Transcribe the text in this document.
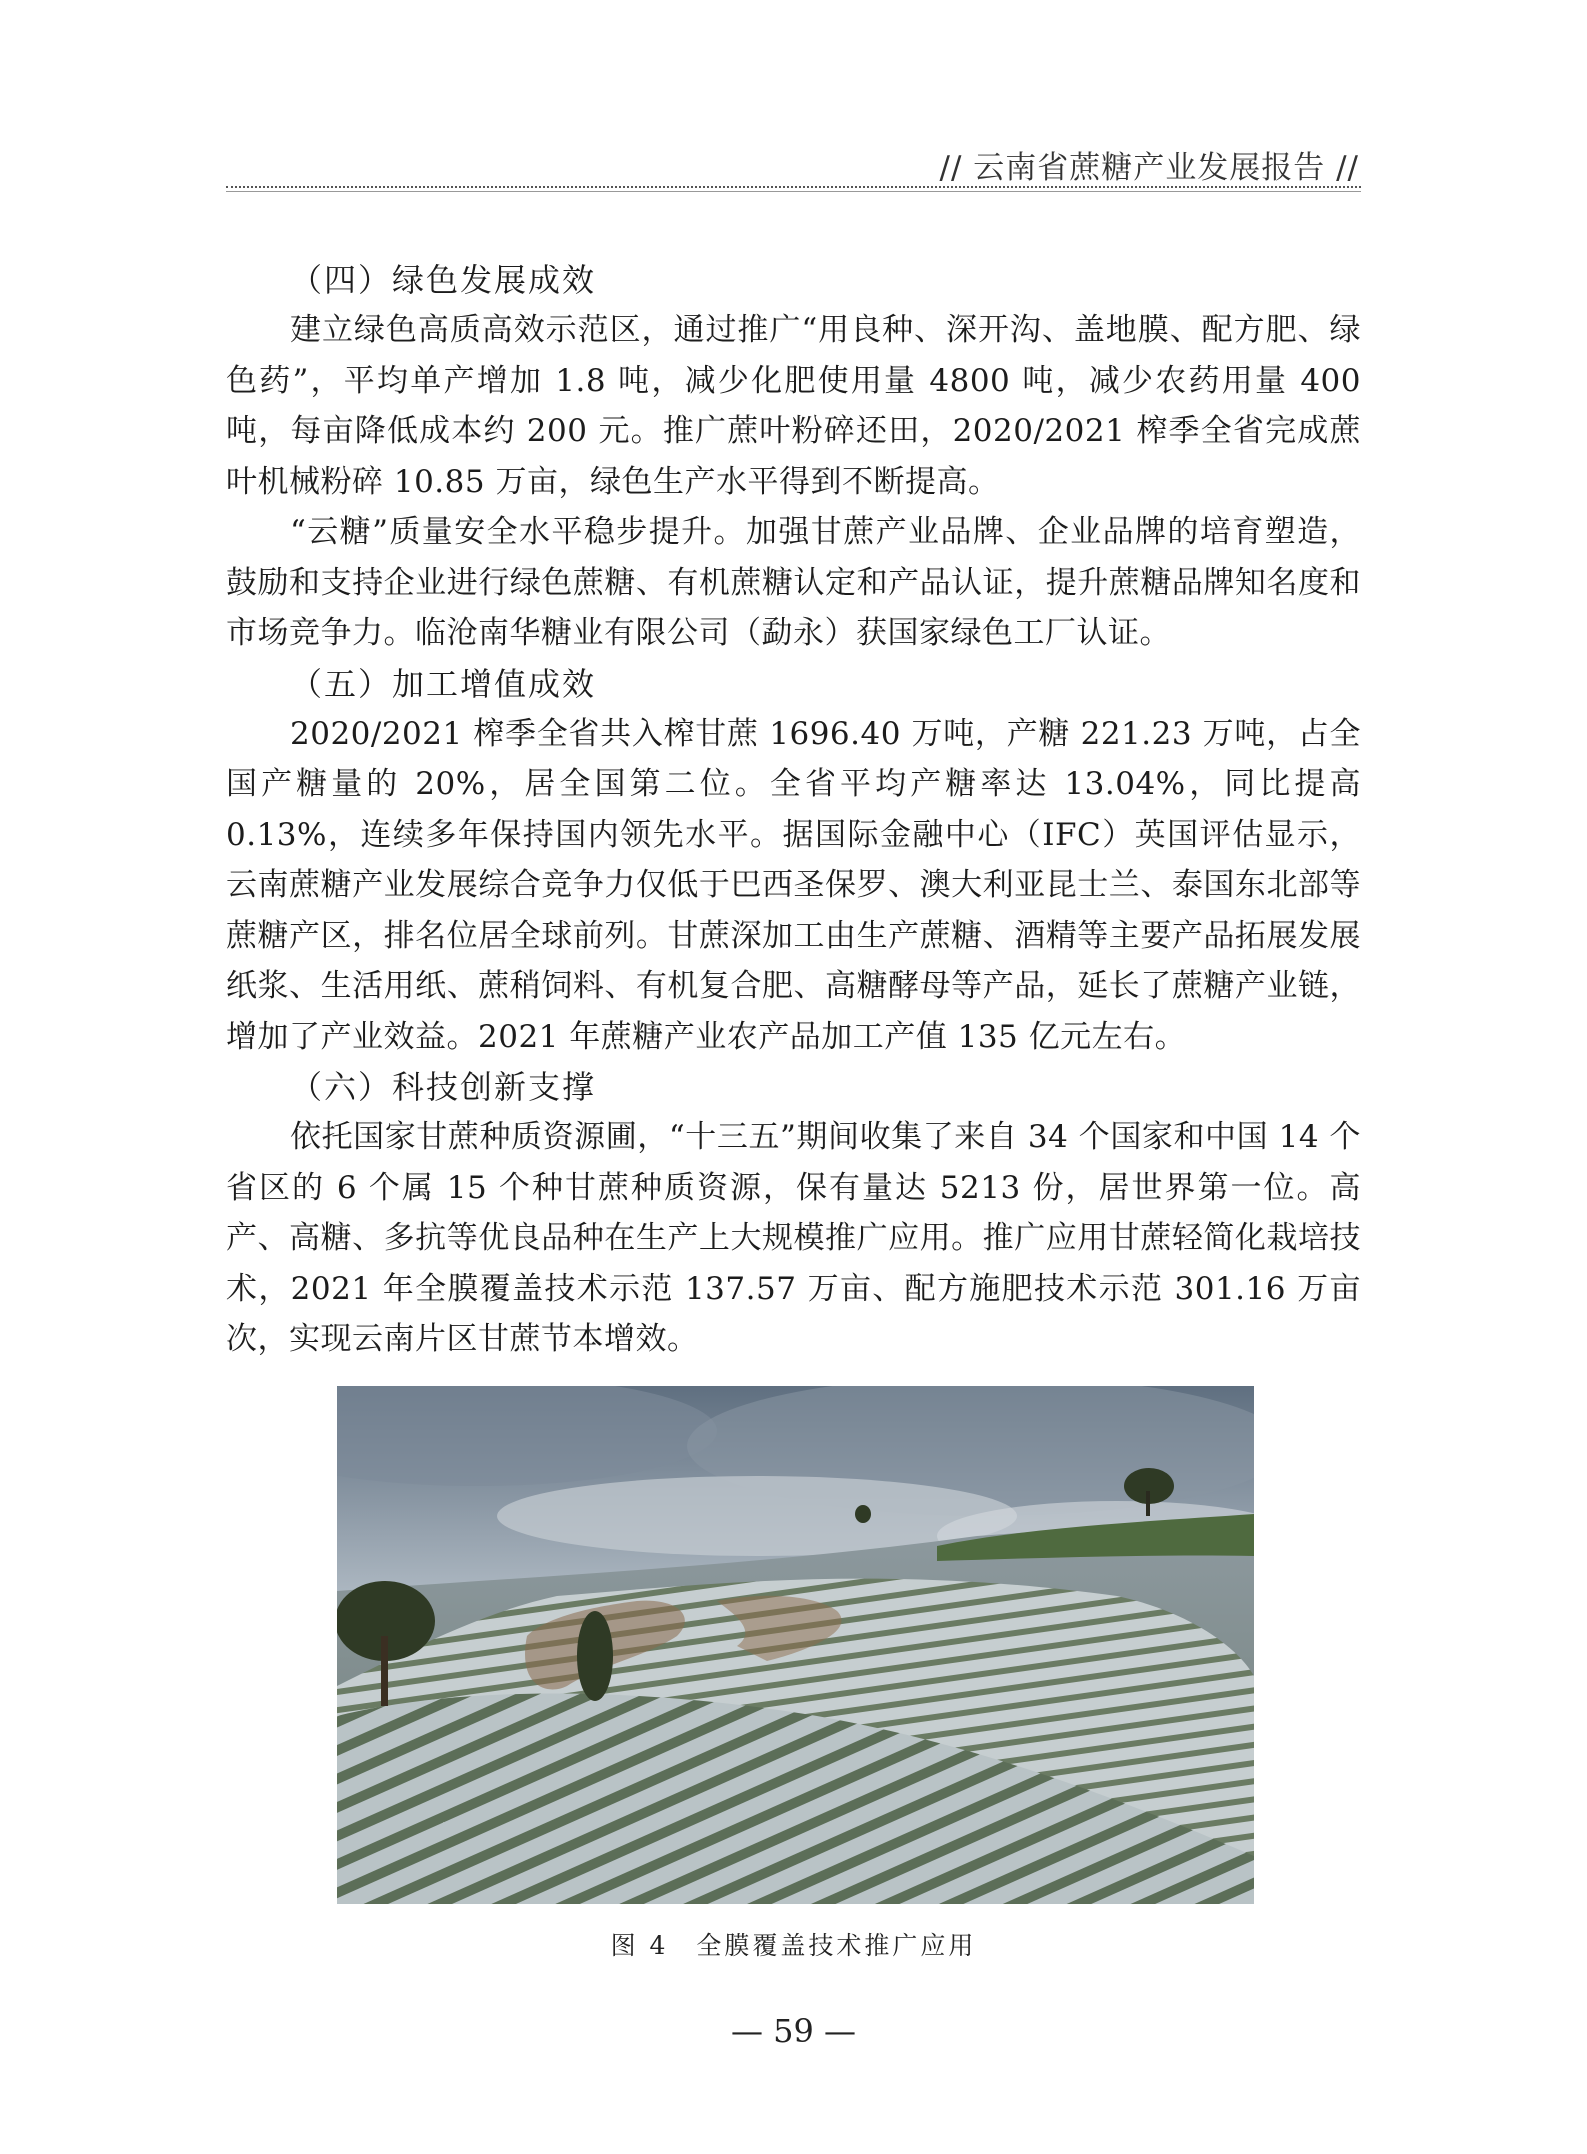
// 云南省蔗糖产业发展报告 //
（四）绿色发展成效

建立绿色高质高效示范区，通过推广“用良种、深开沟、盖地膜、配方肥、绿色药”，平均单产增加 1.8 吨，减少化肥使用量 4800 吨，减少农药用量 400 吨，每亩降低成本约 200 元。推广蔗叶粉碎还田，2020/2021 榨季全省完成蔗叶机械粉碎 10.85 万亩，绿色生产水平得到不断提高。

“云糖”质量安全水平稳步提升。加强甘蔗产业品牌、企业品牌的培育塑造，鼓励和支持企业进行绿色蔗糖、有机蔗糖认定和产品认证，提升蔗糖品牌知名度和市场竞争力。临沧南华糖业有限公司（勐永）获国家绿色工厂认证。

（五）加工增值成效

2020/2021 榨季全省共入榨甘蔗 1696.40 万吨，产糖 221.23 万吨，占全国产糖量的 20%，居全国第二位。全省平均产糖率达 13.04%，同比提高 0.13%，连续多年保持国内领先水平。据国际金融中心（IFC）英国评估显示，云南蔗糖产业发展综合竞争力仅低于巴西圣保罗、澳大利亚昆士兰、泰国东北部等蔗糖产区，排名位居全球前列。甘蔗深加工由生产蔗糖、酒精等主要产品拓展发展纸浆、生活用纸、蔗稍饲料、有机复合肥、高糖酵母等产品，延长了蔗糖产业链，增加了产业效益。2021 年蔗糖产业农产品加工产值 135 亿元左右。

（六）科技创新支撑

依托国家甘蔗种质资源圃，“十三五”期间收集了来自 34 个国家和中国 14 个省区的 6 个属 15 个种甘蔗种质资源，保有量达 5213 份，居世界第一位。高产、高糖、多抗等优良品种在生产上大规模推广应用。推广应用甘蔗轻简化栽培技术，2021 年全膜覆盖技术示范 137.57 万亩、配方施肥技术示范 301.16 万亩次，实现云南片区甘蔗节本增效。

图 4　全膜覆盖技术推广应用
— 59 —
